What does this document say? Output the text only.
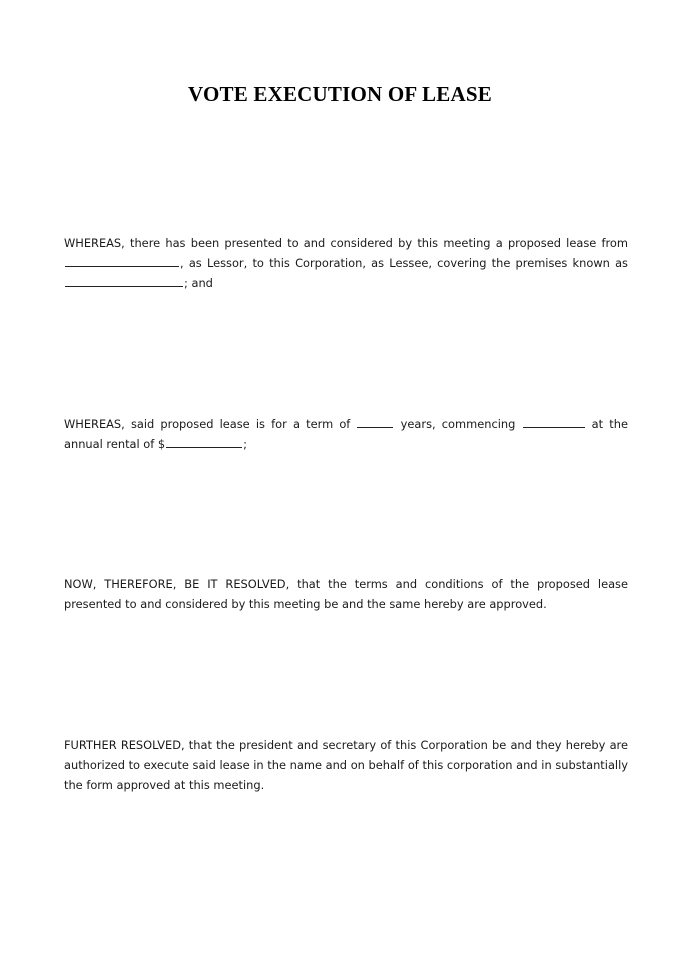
VOTE EXECUTION OF LEASE

WHEREAS, there has been presented to and considered by this meeting a proposed lease from , as Lessor, to this Corporation, as Lessee, covering the premises known as ; and

WHEREAS, said proposed lease is for a term of	years, commencing	at the annual rental of $	;

NOW, THEREFORE, BE IT RESOLVED, that the terms and conditions of the proposed lease presented to and considered by this meeting be and the same hereby are approved.

FURTHER RESOLVED, that the president and secretary of this Corporation be and they hereby are authorized to execute said lease in the name and on behalf of this corporation and in substantially the form approved at this meeting.
